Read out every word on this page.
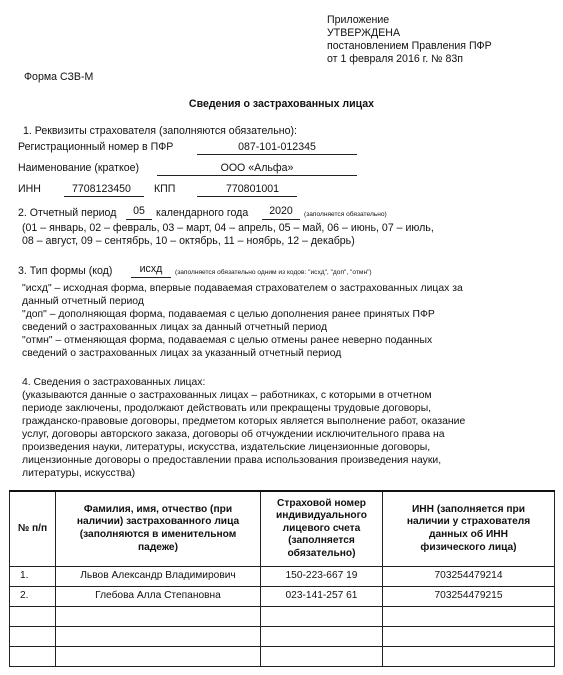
Приложение
УТВЕРЖДЕНА
постановлением Правления ПФР
от 1 февраля 2016 г. № 83п
Форма СЗВ-М
Сведения о застрахованных лицах
1. Реквизиты страхователя (заполняются обязательно):
Регистрационный номер в ПФР	087-101-012345
Наименование (краткое)	ООО «Альфа»
ИНН	7708123450 КПП	770801001
2. Отчетный период	05	календарного года	2020	(заполняется обязательно)
(01 – январь, 02 – февраль, 03 – март, 04 – апрель, 05 – май, 06 – июнь, 07 – июль,
08 – август, 09 – сентябрь, 10 – октябрь, 11 – ноябрь, 12 – декабрь)
3. Тип формы (код)	исхд	(заполняется обязательно одним из кодов: "исхд", "доп", "отмн")
"исхд" – исходная форма, впервые подаваемая страхователем о застрахованных лицах за
данный отчетный период
"доп" – дополняющая форма, подаваемая с целью дополнения ранее принятых ПФР
сведений о застрахованных лицах за данный отчетный период
"отмн" – отменяющая форма, подаваемая с целью отмены ранее неверно поданных
сведений о застрахованных лицах за указанный отчетный период
4. Сведения о застрахованных лицах:
(указываются данные о застрахованных лицах – работниках, с которыми в отчетном
периоде заключены, продолжают действовать или прекращены трудовые договоры,
гражданско-правовые договоры, предметом которых является выполнение работ, оказание
услуг, договоры авторского заказа, договоры об отчуждении исключительного права на
произведения науки, литературы, искусства, издательские лицензионные договоры,
лицензионные договоры о предоставлении права использования произведения науки,
литературы, искусства)
№ п/п	Фамилия, имя, отчество (при наличии) застрахованного лица (заполняются в именительном падеже)	Страховой номер индивидуального лицевого счета (заполняется обязательно)	ИНН (заполняется при наличии у страхователя данных об ИНН физического лица)
1.	Львов Александр Владимирович	150-223-667 19	703254479214
2.	Глебова Алла Степановна	023-141-257 61	703254479215
